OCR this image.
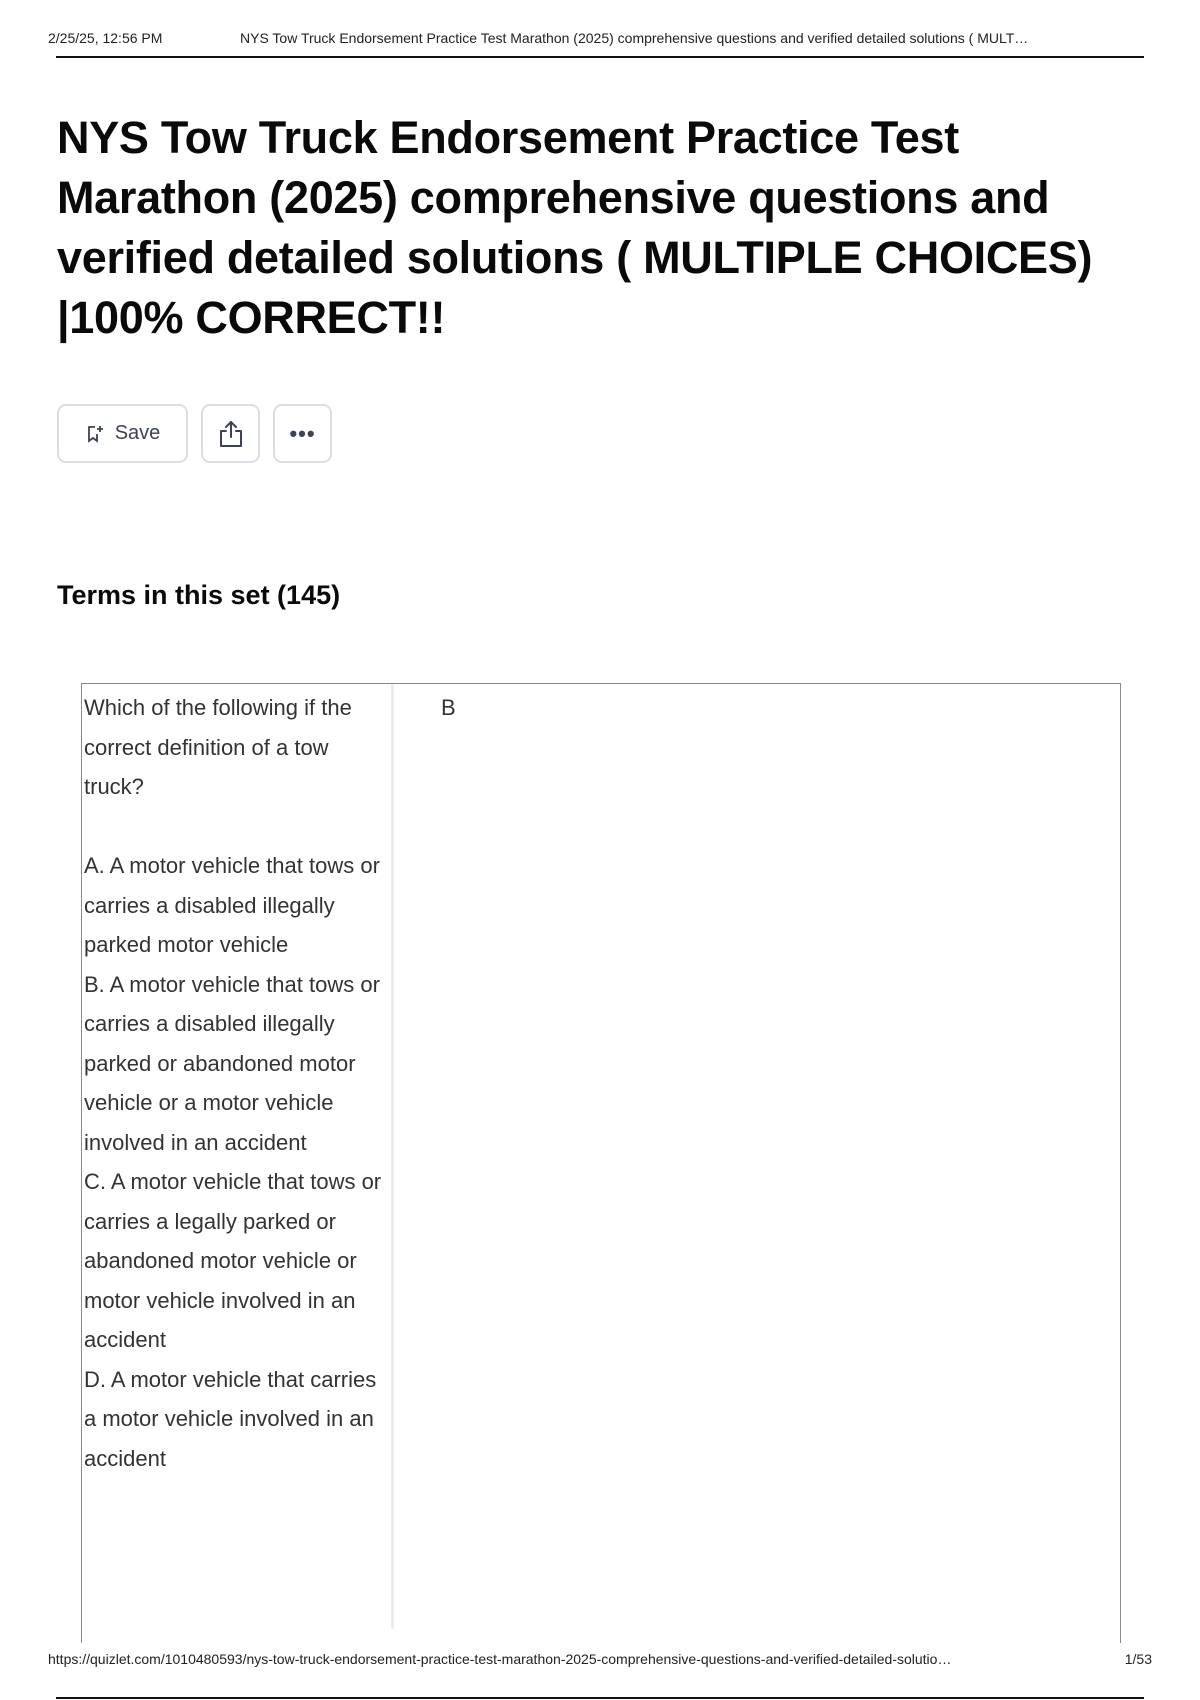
2/25/25, 12:56 PM	NYS Tow Truck Endorsement Practice Test Marathon (2025) comprehensive questions and verified detailed solutions ( MULT…
NYS Tow Truck Endorsement Practice Test Marathon (2025) comprehensive questions and verified detailed solutions ( MULTIPLE CHOICES) |100% CORRECT!!
Save	•••
Terms in this set (145)
Which of the following if the correct definition of a tow truck?

A. A motor vehicle that tows or carries a disabled illegally parked motor vehicle
B. A motor vehicle that tows or carries a disabled illegally parked or abandoned motor vehicle or a motor vehicle involved in an accident
C. A motor vehicle that tows or carries a legally parked or abandoned motor vehicle or motor vehicle involved in an accident
D. A motor vehicle that carries a motor vehicle involved in an accident
B
https://quizlet.com/1010480593/nys-tow-truck-endorsement-practice-test-marathon-2025-comprehensive-questions-and-verified-detailed-solutio…	1/53
